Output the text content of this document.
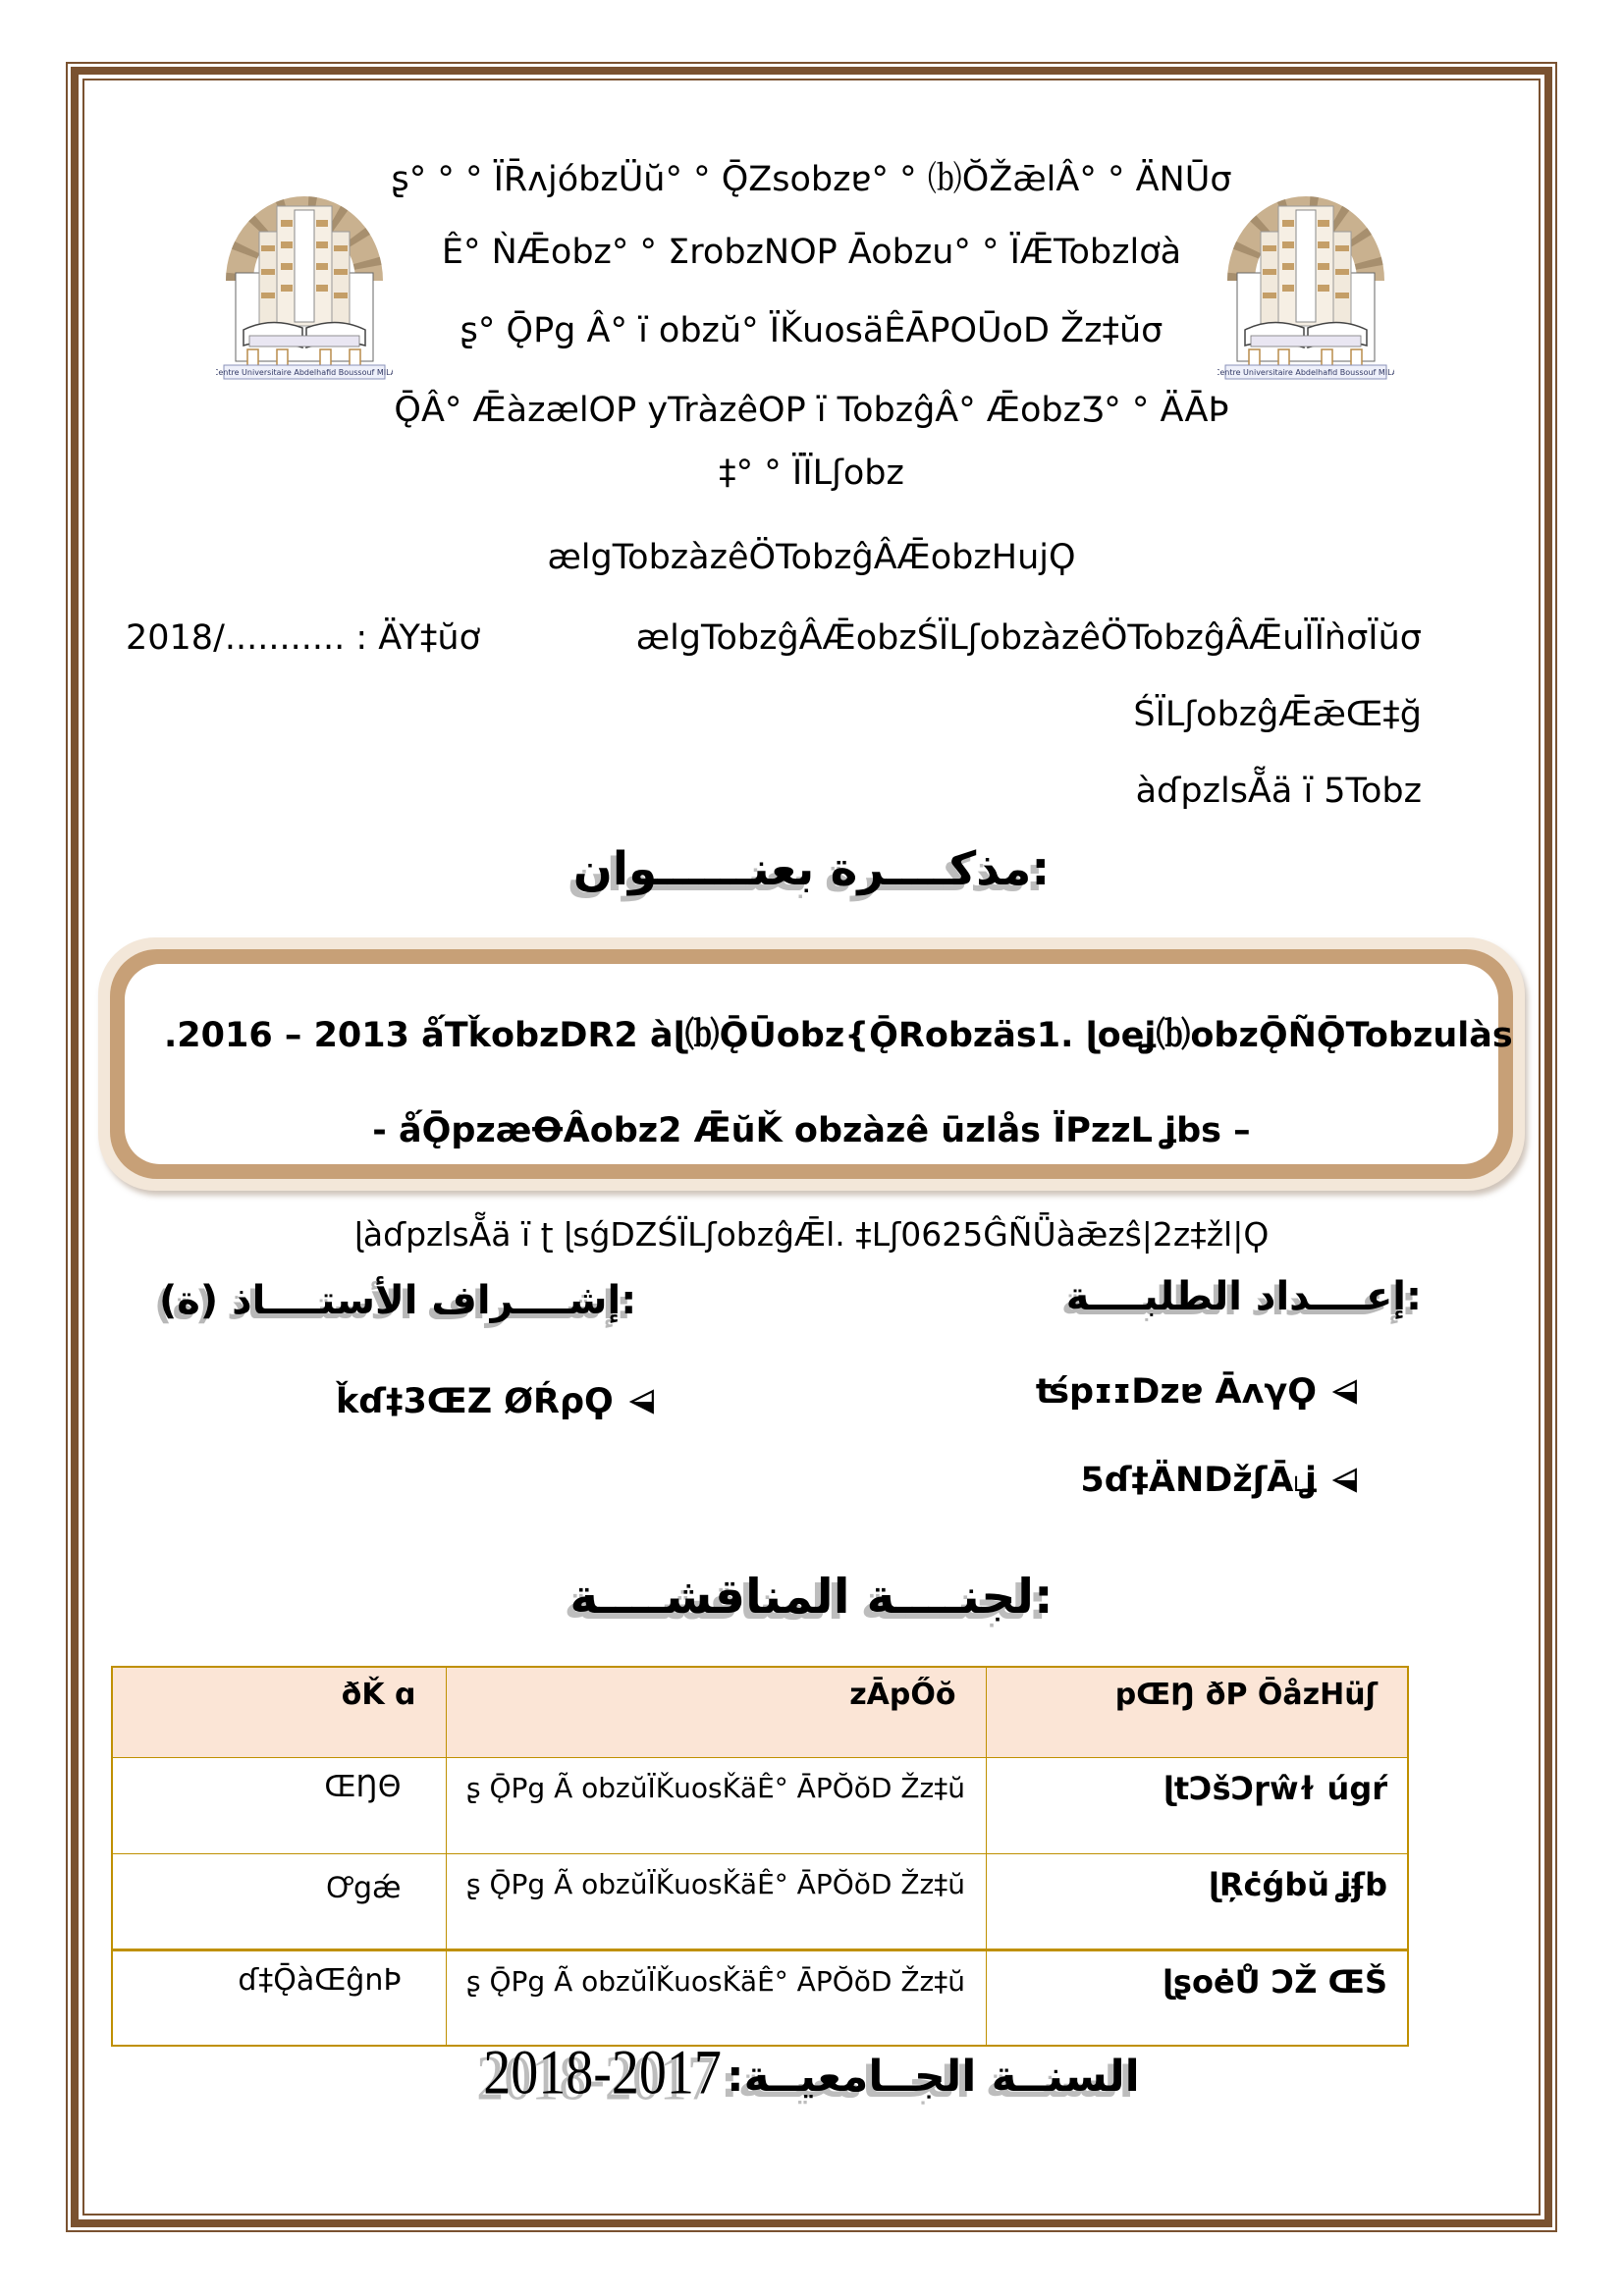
Centre Universitaire Abdelhafid Boussouf MILA	Centre Universitaire Abdelhafid Boussouf MILA
ʂ° ° ° ÏR̄ʌjóbzÜŭ° ° ǬZsobzɐ° ° ⒝ŎŽǣlÂ° ° ÄNŪσ
Ê° ǸǢobz° ° ƩrobzNOP Āobzu° ° ÏǢTobzlơà
ʂ° ǬPg Â° ï obzŭ° ÏǨuosäÊĀPOŪoD Žz‡ŭσ
ǬÂ° ǢàzælOP yTràzêOP ï TobzĝÂ° ǢobzƷ° ° ÄĀϷ
‡° ° ÏÏLʃobz
ælgTobzàzêÖTobzĝÂǢobzHujϘ
2018/........... : ÄY‡ŭơ	ælgTobzĝÂǢobzŚÏLʃobzàzêÖTobzĝÂǢuÏÏǹσÏŭσ
ŚÏLʃobzĝǢǣŒ‡ğ
àɗpzlsẴä ï 5Tobz
مذكــــرة بعنــــــوان:
.2016 – 2013 ǻTǩobzDR2 àɭ⒝ǬŪobz{ǬRobzäs1. ɭoeʝ⒝obzǬÑǬTobzulàs
- ǻǬpzæꝊÂobz2 ǢŭǨ obzàzê ūzlås ÏPzzL ʝbs –
ɭàɗpzlsẴä ï ʈ ɭsǵDZŚÏLʃobzĝǢl. ‡Lʃ0625ĜÑǕàǣzŝ|2z‡žl|Ϙ
إعــــداد الطلبــــة:
إشــــراف الأستــــاذ (ة):
ʦ́pɪɪDzɐ ĀʌγϘ
5ɗ‡ÄNǅʃĀ˪ʝ
ǩɗ‡3ŒZ ØŔρϘ
لجنــــة المناقشــــة:
pŒŊ ðP ŌåzHüʃ	zĀpŐŏ	ðǨ ɑ
ɭtƆšƆɼŵɫ úgŕ	ʂ ǬPg Ã obzŭÏǨuosǨäÊ° ĀPŎŏD Žz‡ŭ	ŒŊΘ
ɭŖċǵbŭ ʝʄb	ʂ ǬPg Ã obzŭÏǨuosǨäÊ° ĀPŎŏD Žz‡ŭ	Ꝍgǽ
ɭʂoėŮ ƆŽ ŒŠ	ʂ ǬPg Ã obzŭÏǨuosǨäÊ° ĀPŎŏD Žz‡ŭ	ɗ‡ǬàŒĝnϷ
السنــة الجــامعيــة: 2018-2017
